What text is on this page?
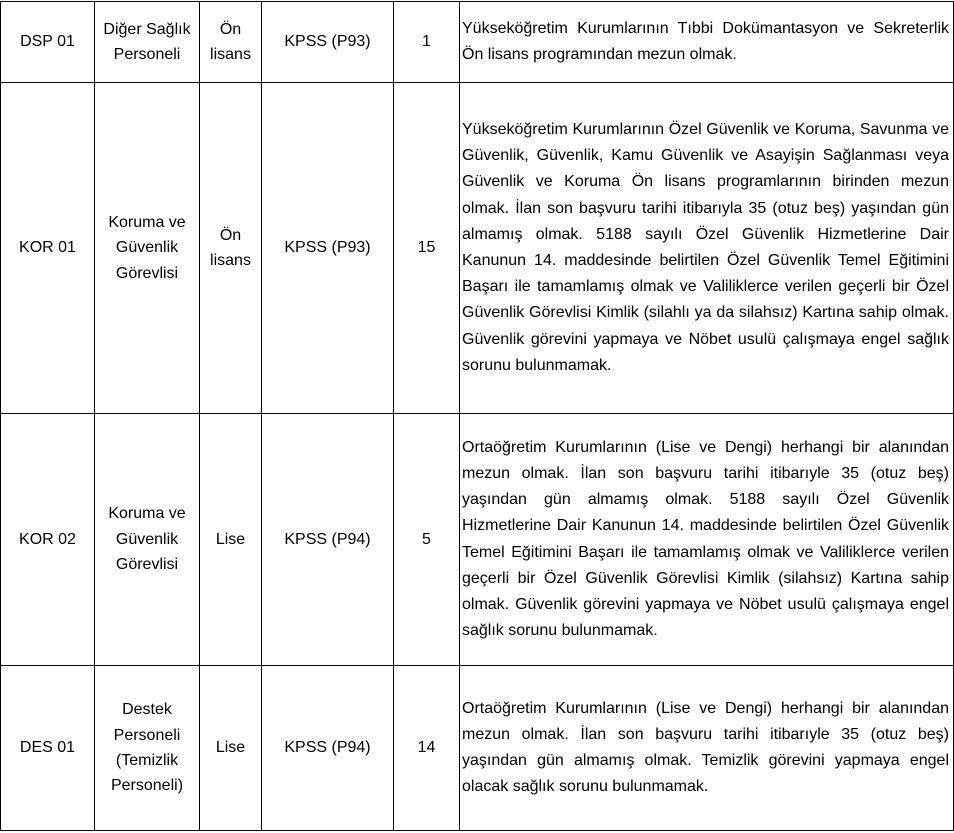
DSP 01	Diğer Sağlık Personeli	Ön lisans	KPSS (P93)	1	Yükseköğretim Kurumlarının Tıbbi Dokümantasyon ve Sekreterlik Ön lisans programından mezun olmak.
KOR 01	Koruma ve Güvenlik Görevlisi	Ön lisans	KPSS (P93)	15	Yükseköğretim Kurumlarının Özel Güvenlik ve Koruma, Savunma ve Güvenlik, Güvenlik, Kamu Güvenlik ve Asayişin Sağlanması veya Güvenlik ve Koruma Ön lisans programlarının birinden mezun olmak. İlan son başvuru tarihi itibarıyla 35 (otuz beş) yaşından gün almamış olmak. 5188 sayılı Özel Güvenlik Hizmetlerine Dair Kanunun 14. maddesinde belirtilen Özel Güvenlik Temel Eğitimini Başarı ile tamamlamış olmak ve Valiliklerce verilen geçerli bir Özel Güvenlik Görevlisi Kimlik (silahlı ya da silahsız) Kartına sahip olmak. Güvenlik görevini yapmaya ve Nöbet usulü çalışmaya engel sağlık sorunu bulunmamak.
KOR 02	Koruma ve Güvenlik Görevlisi	Lise	KPSS (P94)	5	Ortaöğretim Kurumlarının (Lise ve Dengi) herhangi bir alanından mezun olmak. İlan son başvuru tarihi itibarıyle 35 (otuz beş) yaşından gün almamış olmak. 5188 sayılı Özel Güvenlik Hizmetlerine Dair Kanunun 14. maddesinde belirtilen Özel Güvenlik Temel Eğitimini Başarı ile tamamlamış olmak ve Valiliklerce verilen geçerli bir Özel Güvenlik Görevlisi Kimlik (silahsız) Kartına sahip olmak. Güvenlik görevini yapmaya ve Nöbet usulü çalışmaya engel sağlık sorunu bulunmamak.
DES 01	Destek Personeli (Temizlik Personeli)	Lise	KPSS (P94)	14	Ortaöğretim Kurumlarının (Lise ve Dengi) herhangi bir alanından mezun olmak. İlan son başvuru tarihi itibarıyle 35 (otuz beş) yaşından gün almamış olmak. Temizlik görevini yapmaya engel olacak sağlık sorunu bulunmamak.
